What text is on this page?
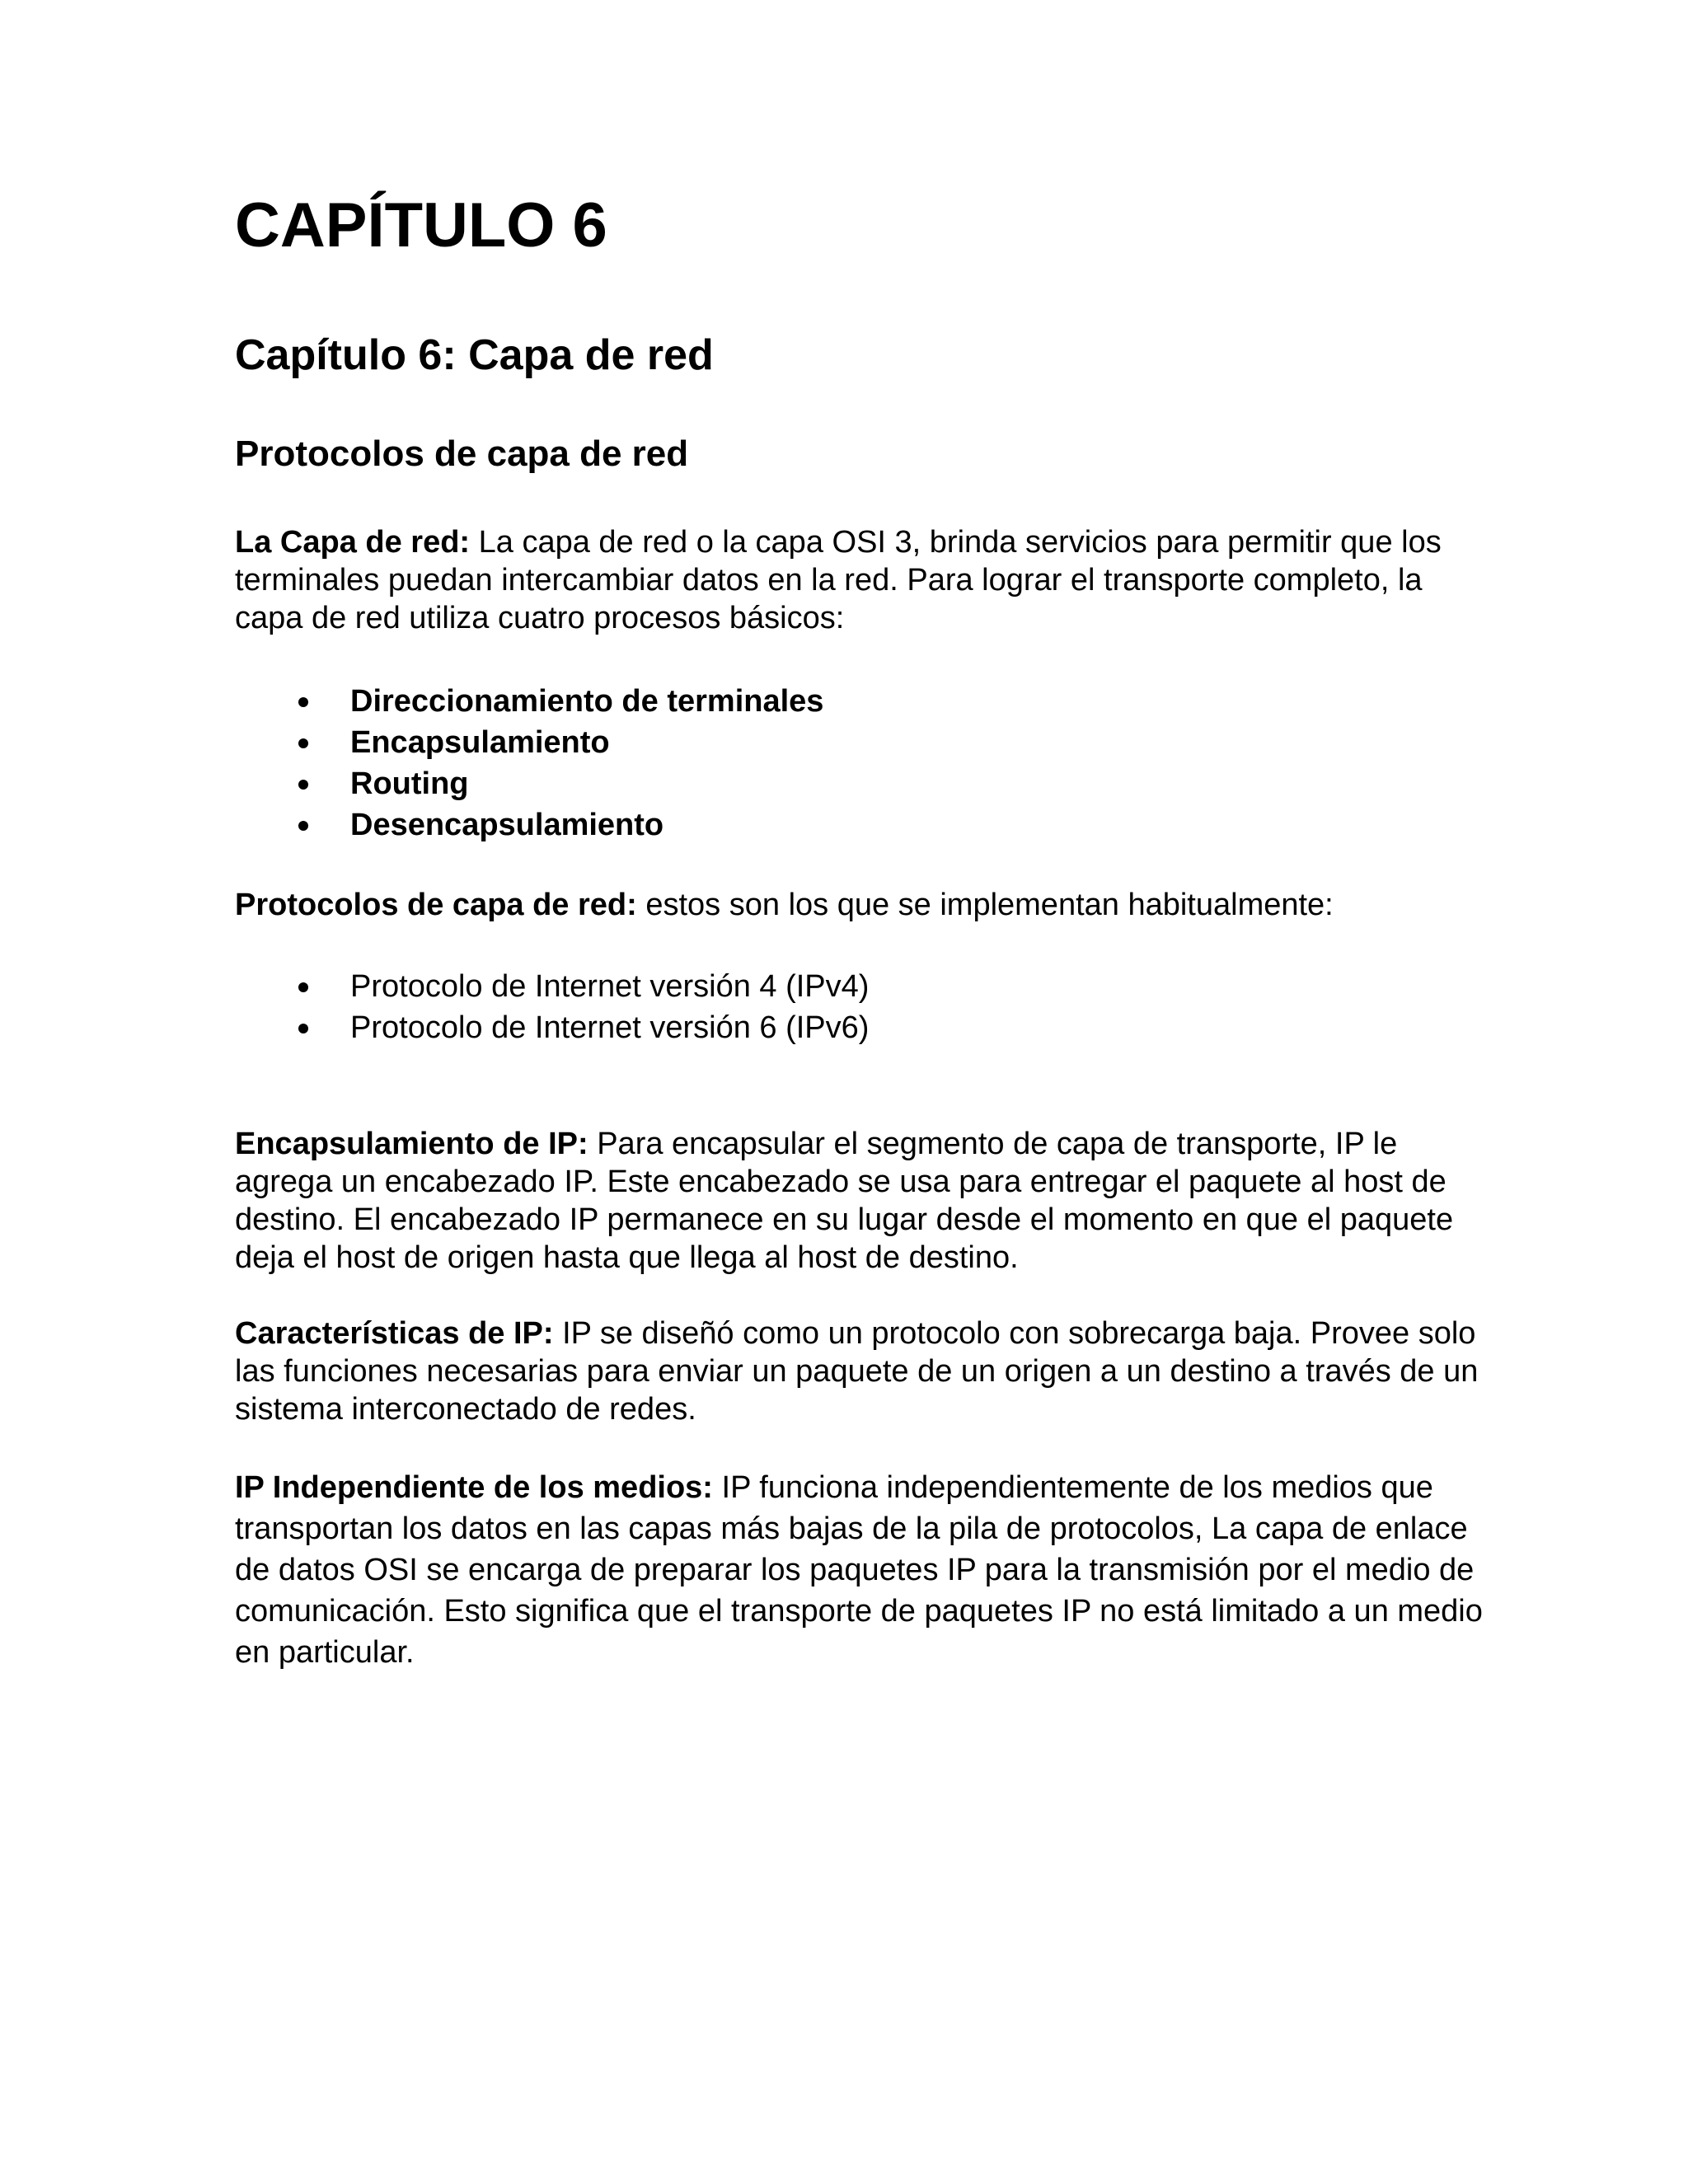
CAPÍTULO 6
Capítulo 6: Capa de red
Protocolos de capa de red

La Capa de red: La capa de red o la capa OSI 3, brinda servicios para permitir que los terminales puedan intercambiar datos en la red. Para lograr el transporte completo, la capa de red utiliza cuatro procesos básicos:

Direccionamiento de terminales
Encapsulamiento
Routing
Desencapsulamiento

Protocolos de capa de red: estos son los que se implementan habitualmente:

Protocolo de Internet versión 4 (IPv4)
Protocolo de Internet versión 6 (IPv6)

Encapsulamiento de IP: Para encapsular el segmento de capa de transporte, IP le agrega un encabezado IP. Este encabezado se usa para entregar el paquete al host de destino. El encabezado IP permanece en su lugar desde el momento en que el paquete deja el host de origen hasta que llega al host de destino.

Características de IP: IP se diseñó como un protocolo con sobrecarga baja. Provee solo las funciones necesarias para enviar un paquete de un origen a un destino a través de un sistema interconectado de redes.

IP Independiente de los medios: IP funciona independientemente de los medios que transportan los datos en las capas más bajas de la pila de protocolos, La capa de enlace de datos OSI se encarga de preparar los paquetes IP para la transmisión por el medio de comunicación. Esto significa que el transporte de paquetes IP no está limitado a un medio en particular.
